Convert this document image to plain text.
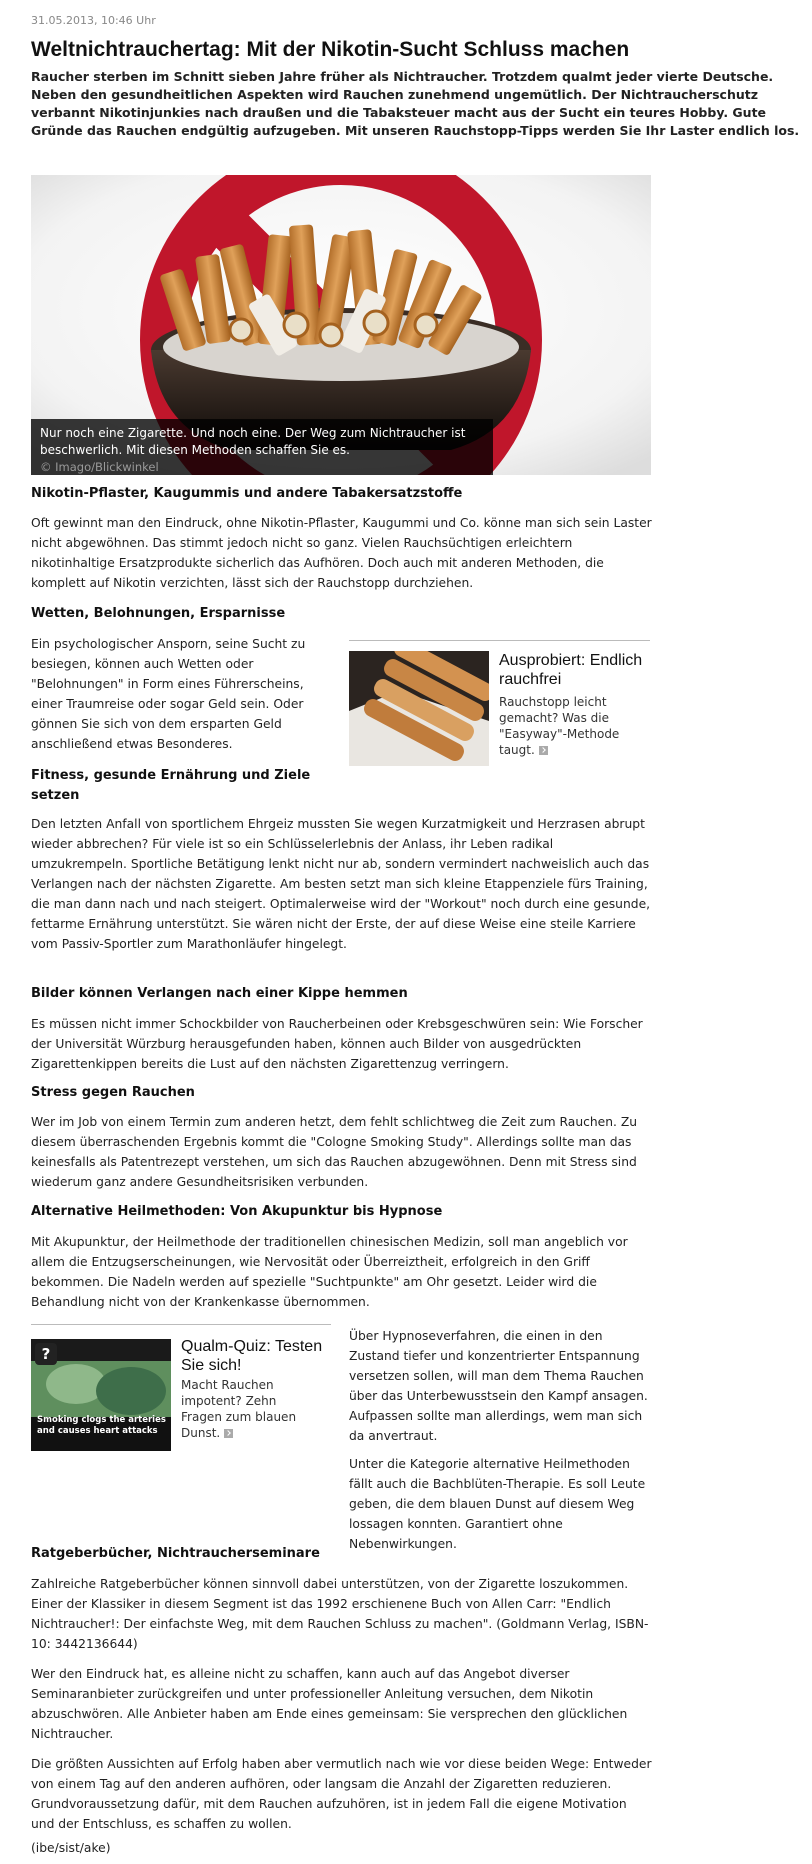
31.05.2013, 10:46 Uhr
Weltnichtrauchertag: Mit der Nikotin-Sucht Schluss machen

Raucher sterben im Schnitt sieben Jahre früher als Nichtraucher. Trotzdem qualmt jeder vierte Deutsche. Neben den gesundheitlichen Aspekten wird Rauchen zunehmend ungemütlich. Der Nichtraucherschutz verbannt Nikotinjunkies nach draußen und die Tabaksteuer macht aus der Sucht ein teures Hobby. Gute Gründe das Rauchen endgültig aufzugeben. Mit unseren Rauchstopp-Tipps werden Sie Ihr Laster endlich los.

Nur noch eine Zigarette. Und noch eine. Der Weg zum Nichtraucher ist beschwerlich. Mit diesen Methoden schaffen Sie es.
© Imago/Blickwinkel
Nikotin-Pflaster, Kaugummis und andere Tabakersatzstoffe

Oft gewinnt man den Eindruck, ohne Nikotin-Pflaster, Kaugummi und Co. könne man sich sein Laster nicht abgewöhnen. Das stimmt jedoch nicht so ganz. Vielen Rauchsüchtigen erleichtern nikotinhaltige Ersatzprodukte sicherlich das Aufhören. Doch auch mit anderen Methoden, die komplett auf Nikotin verzichten, lässt sich der Rauchstopp durchziehen.

Wetten, Belohnungen, Ersparnisse

Ein psychologischer Ansporn, seine Sucht zu besiegen, können auch Wetten oder "Belohnungen" in Form eines Führerscheins, einer Traumreise oder sogar Geld sein. Oder gönnen Sie sich von dem ersparten Geld anschließend etwas Besonderes.

Ausprobiert: Endlich rauchfrei
Rauchstopp leicht gemacht? Was die "Easyway"-Methode taugt.
Fitness, gesunde Ernährung und Ziele setzen

Den letzten Anfall von sportlichem Ehrgeiz mussten Sie wegen Kurzatmigkeit und Herzrasen abrupt wieder abbrechen? Für viele ist so ein Schlüsselerlebnis der Anlass, ihr Leben radikal umzukrempeln. Sportliche Betätigung lenkt nicht nur ab, sondern vermindert nachweislich auch das Verlangen nach der nächsten Zigarette. Am besten setzt man sich kleine Etappenziele fürs Training, die man dann nach und nach steigert. Optimalerweise wird der "Workout" noch durch eine gesunde, fettarme Ernährung unterstützt. Sie wären nicht der Erste, der auf diese Weise eine steile Karriere vom Passiv-Sportler zum Marathonläufer hingelegt.

Bilder können Verlangen nach einer Kippe hemmen

Es müssen nicht immer Schockbilder von Raucherbeinen oder Krebsgeschwüren sein: Wie Forscher der Universität Würzburg herausgefunden haben, können auch Bilder von ausgedrückten Zigarettenkippen bereits die Lust auf den nächsten Zigarettenzug verringern.

Stress gegen Rauchen

Wer im Job von einem Termin zum anderen hetzt, dem fehlt schlichtweg die Zeit zum Rauchen. Zu diesem überraschenden Ergebnis kommt die "Cologne Smoking Study". Allerdings sollte man das keinesfalls als Patentrezept verstehen, um sich das Rauchen abzugewöhnen. Denn mit Stress sind wiederum ganz andere Gesundheitsrisiken verbunden.

Alternative Heilmethoden: Von Akupunktur bis Hypnose

Mit Akupunktur, der Heilmethode der traditionellen chinesischen Medizin, soll man angeblich vor allem die Entzugserscheinungen, wie Nervosität oder Überreiztheit, erfolgreich in den Griff bekommen. Die Nadeln werden auf spezielle "Suchtpunkte" am Ohr gesetzt. Leider wird die Behandlung nicht von der Krankenkasse übernommen.

?
Smoking clogs the arteries and causes heart attacks
Qualm-Quiz: Testen Sie sich!
Macht Rauchen impotent? Zehn Fragen zum blauen Dunst.

Über Hypnoseverfahren, die einen in den Zustand tiefer und konzentrierter Entspannung versetzen sollen, will man dem Thema Rauchen über das Unterbewusstsein den Kampf ansagen. Aufpassen sollte man allerdings, wem man sich da anvertraut.

Unter die Kategorie alternative Heilmethoden fällt auch die Bachblüten-Therapie. Es soll Leute geben, die dem blauen Dunst auf diesem Weg lossagen konnten. Garantiert ohne Nebenwirkungen.

Ratgeberbücher, Nichtraucherseminare

Zahlreiche Ratgeberbücher können sinnvoll dabei unterstützen, von der Zigarette loszukommen. Einer der Klassiker in diesem Segment ist das 1992 erschienene Buch von Allen Carr: "Endlich Nichtraucher!: Der einfachste Weg, mit dem Rauchen Schluss zu machen". (Goldmann Verlag, ISBN-10: 3442136644)

Wer den Eindruck hat, es alleine nicht zu schaffen, kann auch auf das Angebot diverser Seminaranbieter zurückgreifen und unter professioneller Anleitung versuchen, dem Nikotin abzuschwören. Alle Anbieter haben am Ende eines gemeinsam: Sie versprechen den glücklichen Nichtraucher.

Die größten Aussichten auf Erfolg haben aber vermutlich nach wie vor diese beiden Wege: Entweder von einem Tag auf den anderen aufhören, oder langsam die Anzahl der Zigaretten reduzieren. Grundvoraussetzung dafür, mit dem Rauchen aufzuhören, ist in jedem Fall die eigene Motivation und der Entschluss, es schaffen zu wollen.

(ibe/sist/ake)
